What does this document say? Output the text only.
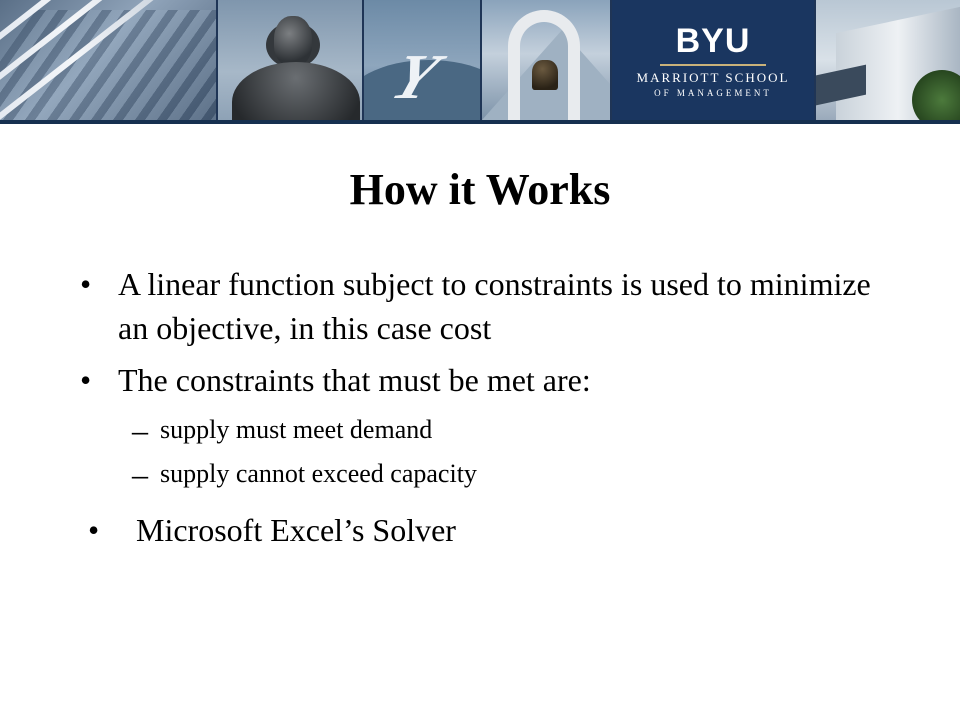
Y	BYU
MARRIOTT SCHOOL
OF MANAGEMENT
How it Works
• A linear function subject to constraints is used to minimize an objective, in this case cost
• The constraints that must be met are:
– supply must meet demand
– supply cannot exceed capacity
• Microsoft Excel’s Solver
